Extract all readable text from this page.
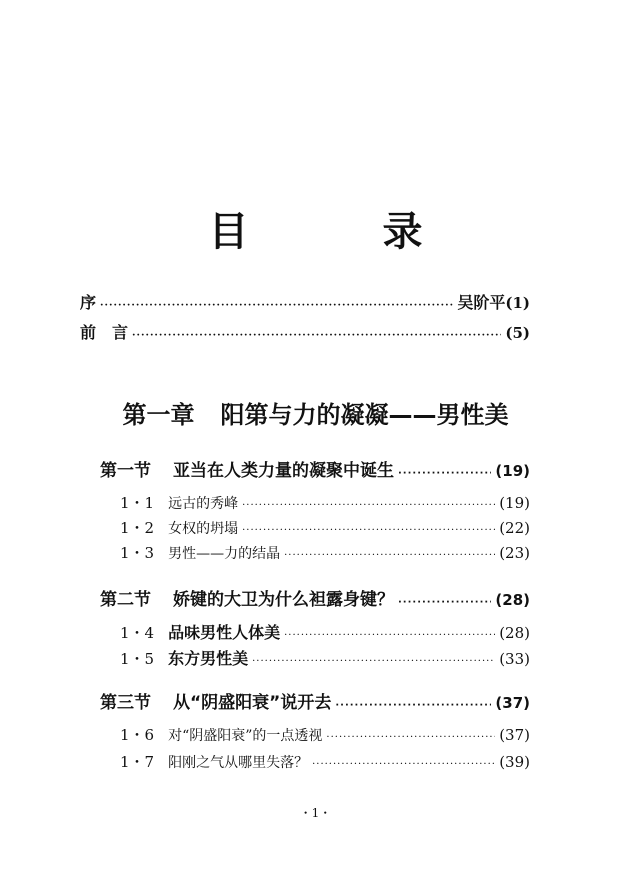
目 录
序 ·····	吴阶平 (1)
前　言 ·····	(5)
第一章 阳第与力的凝凝——男性美
第一节 亚当在人类力量的凝聚中诞生 ·····	(19)
1・1 远古的秀峰 ·····	(19)
1・2 女权的坍塌 ·····	(22)
1・3 男性——力的结晶 ·····	(23)
第二节 娇键的大卫为什么袒露身键？ ·····	(28)
1・4 品味男性人体美 ·····	(28)
1・5 东方男性美 ·····	(33)
第三节 从“阴盛阳衰”说开去 ·····	(37)
1・6 对“阴盛阳衰”的一点透视 ·····	(37)
1・7 阳刚之气从哪里失落？ ·····	(39)
・1・
